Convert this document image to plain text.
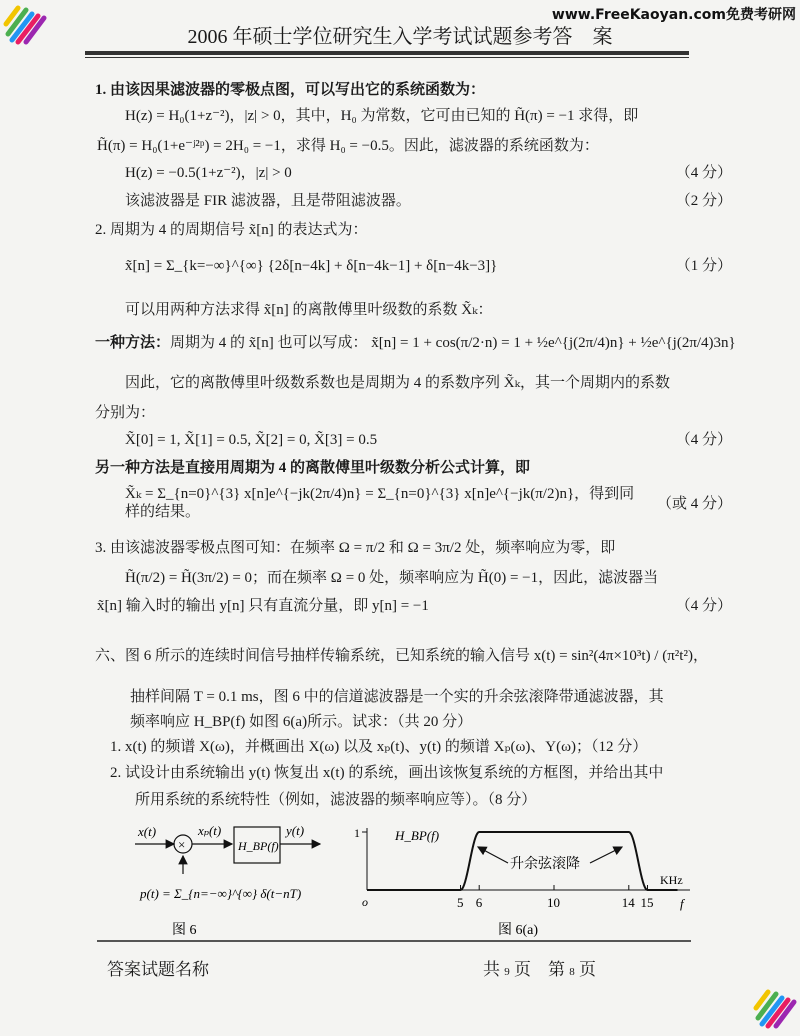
www.FreeKaoyan.com免费考研网
2006 年硕士学位研究生入学考试试题参考答　案
1. 由该因果滤波器的零极点图，可以写出它的系统函数为：
H(z) = H₀(1+z⁻²)，|z| > 0，其中，H₀ 为常数，它可由已知的 H̃(π) = −1 求得，即
H̃(π) = H₀(1+e⁻ʲ²ᵖ) = 2H₀ = −1，求得 H₀ = −0.5。因此，滤波器的系统函数为：
H(z) = −0.5(1+z⁻²)，|z| > 0	（4 分）
该滤波器是 FIR 滤波器，且是带阻滤波器。	（2 分）
2. 周期为 4 的周期信号 x̃[n] 的表达式为：
x̃[n] = Σ_{k=−∞}^{∞} {2δ[n−4k] + δ[n−4k−1] + δ[n−4k−3]}	（1 分）
可以用两种方法求得 x̃[n] 的离散傅里叶级数的系数 X̃ₖ：
一种方法：周期为 4 的 x̃[n] 也可以写成： x̃[n] = 1 + cos(π/2·n) = 1 + ½e^{j(2π/4)n} + ½e^{j(2π/4)3n}
因此，它的离散傅里叶级数系数也是周期为 4 的系数序列 X̃ₖ，其一个周期内的系数
分别为：
X̃[0] = 1, X̃[1] = 0.5, X̃[2] = 0, X̃[3] = 0.5	（4 分）
另一种方法是直接用周期为 4 的离散傅里叶级数分析公式计算，即
X̃ₖ = Σ_{n=0}^{3} x[n]e^{−jk(2π/4)n} = Σ_{n=0}^{3} x[n]e^{−jk(π/2)n}，得到同样的结果。	（或 4 分）
3. 由该滤波器零极点图可知：在频率 Ω = π/2 和 Ω = 3π/2 处，频率响应为零，即
H̃(π/2) = H̃(3π/2) = 0；而在频率 Ω = 0 处，频率响应为 H̃(0) = −1，因此，滤波器当
x̃[n] 输入时的输出 y[n] 只有直流分量，即 y[n] = −1	（4 分）
六、图 6 所示的连续时间信号抽样传输系统，已知系统的输入信号 x(t) = sin²(4π×10³t) / (π²t²)，
抽样间隔 T = 0.1 ms，图 6 中的信道滤波器是一个实的升余弦滚降带通滤波器，其
频率响应 H_BP(f) 如图 6(a)所示。试求：（共 20 分）
1. x(t) 的频谱 X(ω)，并概画出 X(ω) 以及 xₚ(t)、y(t) 的频谱 Xₚ(ω)、Y(ω)；（12 分）
2. 试设计由系统输出 y(t) 恢复出 x(t) 的系统，画出该恢复系统的方框图，并给出其中
所用系统的系统特性（例如，滤波器的频率响应等）。（8 分）
x(t)
×
xₚ(t)
H_BP(f)
y(t)
p(t) = Σ_{n=−∞}^{∞} δ(t−nT)
图 6
1	H_BP(f)
o	5 6	10	14 15
KHz
f
升余弦滚降
图 6(a)
答案试题名称	共 9 页　第 8 页
